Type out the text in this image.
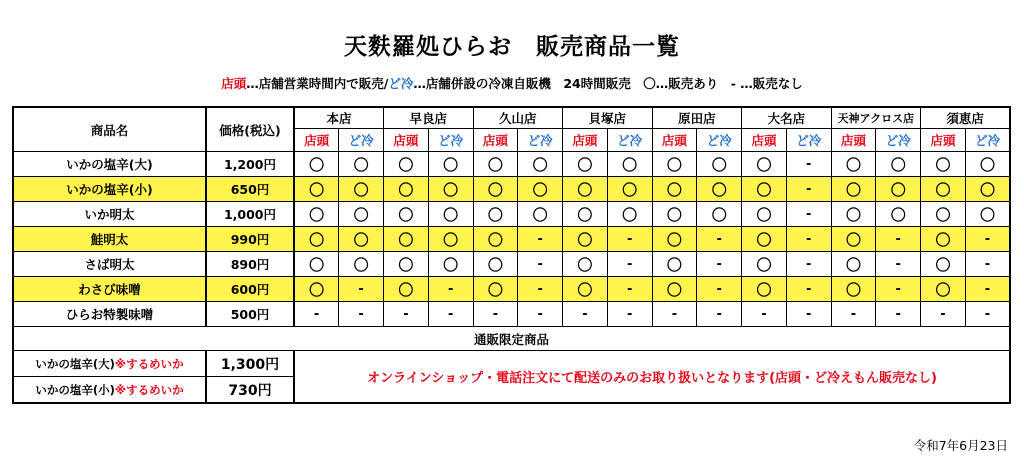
天麩羅処ひらお　販売商品一覧
店頭…店舗営業時間内で販売/ど冷…店舗併設の冷凍自販機　24時間販売　〇…販売あり　- …販売なし
商品名	価格(税込)	本店		早良店		久山店		貝塚店		原田店		大名店		天神アクロス店		須恵店	
		店頭	ど冷	店頭	ど冷	店頭	ど冷	店頭	ど冷	店頭	ど冷	店頭	ど冷	店頭	ど冷	店頭	ど冷
いかの塩辛(大)	1,200円	〇	〇	〇	〇	〇	〇	〇	〇	〇	〇	〇	-	〇	〇	〇	〇
いかの塩辛(小)	650円	〇	〇	〇	〇	〇	〇	〇	〇	〇	〇	〇	-	〇	〇	〇	〇
いか明太	1,000円	〇	〇	〇	〇	〇	〇	〇	〇	〇	〇	〇	-	〇	〇	〇	〇
鮭明太	990円	〇	〇	〇	〇	〇	-	〇	-	〇	-	〇	-	〇	-	〇	-
さば明太	890円	〇	〇	〇	〇	〇	-	〇	-	〇	-	〇	-	〇	-	〇	-
わさび味噌	600円	〇	-	〇	-	〇	-	〇	-	〇	-	〇	-	〇	-	〇	-
ひらお特製味噌	500円	-	-	-	-	-	-	-	-	-	-	-	-	-	-	-	-
通販限定商品																	
いかの塩辛(大)※するめいか	1,300円	オンラインショップ・電話注文にて配送のみのお取り扱いとなります(店頭・ど冷えもん販売なし)															
いかの塩辛(小)※するめいか	730円																
令和7年6月23日
